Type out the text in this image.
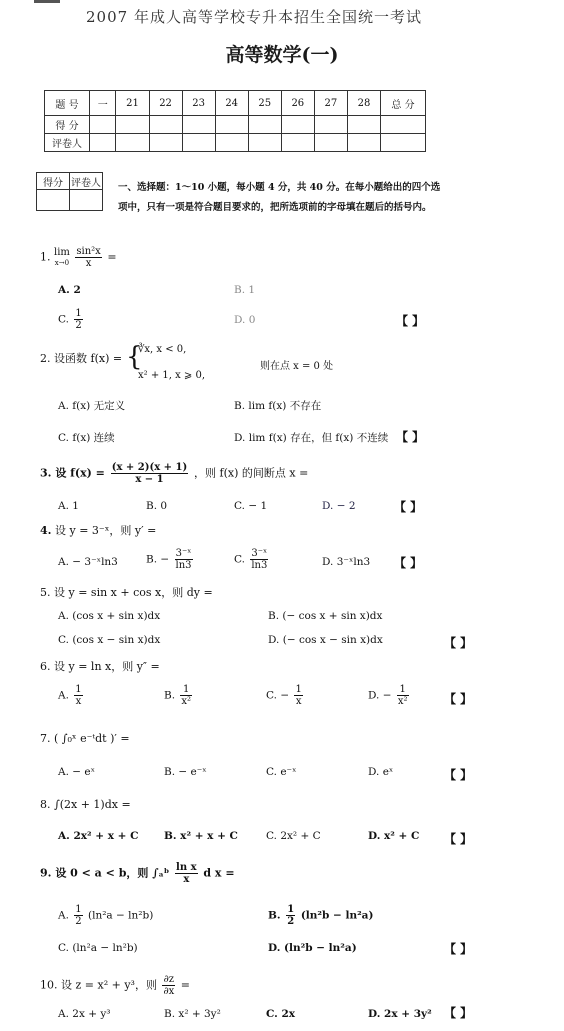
2007 年成人高等学校专升本招生全国统一考试
高等数学(一)
题 号	一	21	22	23	24	25	26	27	28	总 分
得 分										
评卷人										
得分	评卷人
	一、选择题：1～10 小题，每小题 4 分，共 40 分。在每小题给出的四个选项中，只有一项是符合题目要求的，把所选项前的字母填在题后的括号内。
1. lim
$x\to 0 \frac{\text{sin²x}}{x}$ =
A. 2	B. 1
C. $\frac{1}{2}$	D. 0	【 】
2. 设函数 f(x) = {
∛x, x < 0,
x² + 1, x ⩾ 0,
则在点 x = 0 处
A. f(x) 无定义	B. lim f(x) 不存在
C. f(x) 连续	D. lim f(x) 存在，但 f(x) 不连续 【 】
3. 设 $f(x) = \frac{(x + 2)(x + 1)}{x - 1}$ ，则 f(x) 的间断点 x =
A. 1	B. 0	C. − 1	D. − 2	【 】
4. 设 y = 3⁻ˣ，则 y′ =
A. − 3⁻ˣln3	B. − $\frac{\text{3⁻ˣ}}{\ln 3}$	C. $\frac{\text{3⁻ˣ}}{\ln 3}$	D. 3⁻ˣln3 【 】
5. 设 y = sin x + cos x，则 dy =
A. (cos x + sin x)dx	B. (− cos x + sin x)dx
C. (cos x − sin x)dx	D. (− cos x − sin x)dx	【 】
6. 设 y = ln x，则 y″ =
A. $\frac{1}{x}$	B. $\frac{1}{\text{x²}}$	C. − $\frac{1}{x}$	D. − $\frac{1}{\text{x²}}$	【 】
7. ( ∫₀ˣ e⁻ᵗdt )′ =
A. − eˣ	B. − e⁻ˣ	C. e⁻ˣ	D. eˣ	【 】
8. ∫(2x + 1)dx =
A. 2x² + x + C B. x² + x + C	C. 2x² + C	D. x² + C 【 】
9. 设 0 < a < b，则 ∫ₐᵇ $\frac{\text{ln x}}{x}$ d x =
A. $\frac{1}{2} (\ln^2a - \ln^2b)$	B. $\frac{1}{2} (\ln^2b - \ln^2a)$
C. (ln²a − ln²b)	D. (ln²b − ln²a)	【 】
10. 设 z = x² + y³，则 $\frac{\partial z}{\partial x}$ =
A. 2x + y³	B. x² + 3y²	C. 2x	D. 2x + 3y² 【 】
